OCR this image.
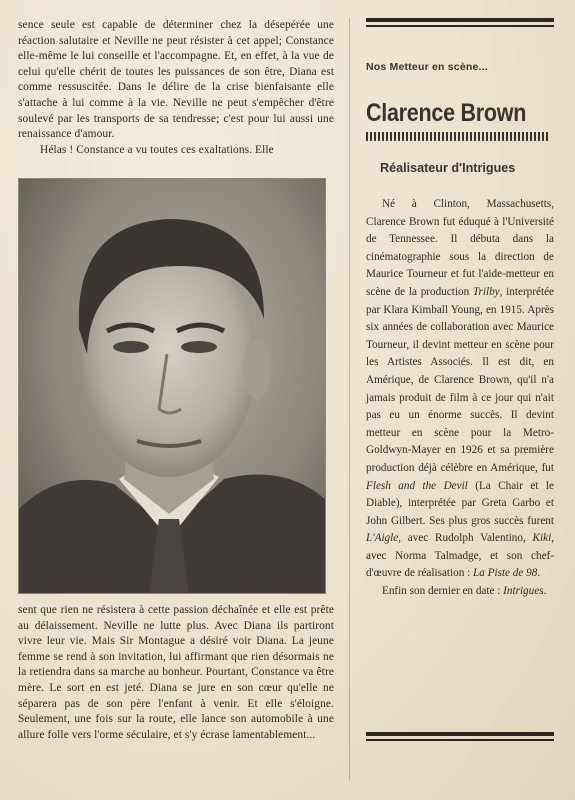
sence seule est capable de déterminer chez la désepérée une réaction salutaire et Neville ne peut résister à cet appel; Constance elle-même le lui conseille et l'accompagne. Et, en effet, à la vue de celui qu'elle chérit de toutes les puissances de son être, Diana est comme ressuscitée. Dans le délire de la crise bienfaisante elle s'attache à lui comme à la vie. Neville ne peut s'empêcher d'être soulevé par les transports de sa tendresse; c'est pour lui aussi une renaissance d'amour.

Hélas ! Constance a vu toutes ces exaltations. Elle

sent que rien ne résistera à cette passion déchaînée et elle est prête au délaissement. Neville ne lutte plus. Avec Diana ils partiront vivre leur vie. Mais Sir Montague a désiré voir Diana. La jeune femme se rend à son invitation, lui affirmant que rien désormais ne la retiendra dans sa marche au bonheur. Pourtant, Constance va être mère. Le sort en est jeté. Diana se jure en son cœur qu'elle ne séparera pas de son père l'enfant à venir. Et elle s'éloigne. Seulement, une fois sur la route, elle lance son automobile à une allure folle vers l'orme séculaire, et s'y écrase lamentablement...

Nos Metteur en scène...
Clarence Brown
Réalisateur d'Intrigues

Né à Clinton, Massachusetts, Clarence Brown fut éduqué à l'Université de Tennessee. Il débuta dans la cinématographie sous la direction de Maurice Tourneur et fut l'aide-metteur en scène de la production Trilby, interprétée par Klara Kimball Young, en 1915. Après six années de collaboration avec Maurice Tourneur, il devint metteur en scène pour les Artistes Associés. Il est dit, en Amérique, de Clarence Brown, qu'il n'a jamais produit de film à ce jour qui n'ait pas eu un énorme succès. Il devint metteur en scène pour la Metro-Goldwyn-Mayer en 1926 et sa première production déjà célèbre en Amérique, fut Flesh and the Devil (La Chair et le Diable), interprétée par Greta Garbo et John Gilbert. Ses plus gros succès furent L'Aigle, avec Rudolph Valentino, Kiki, avec Norma Talmadge, et son chef-d'œuvre de réalisation : La Piste de 98.

Enfin son dernier en date : Intrigues.
